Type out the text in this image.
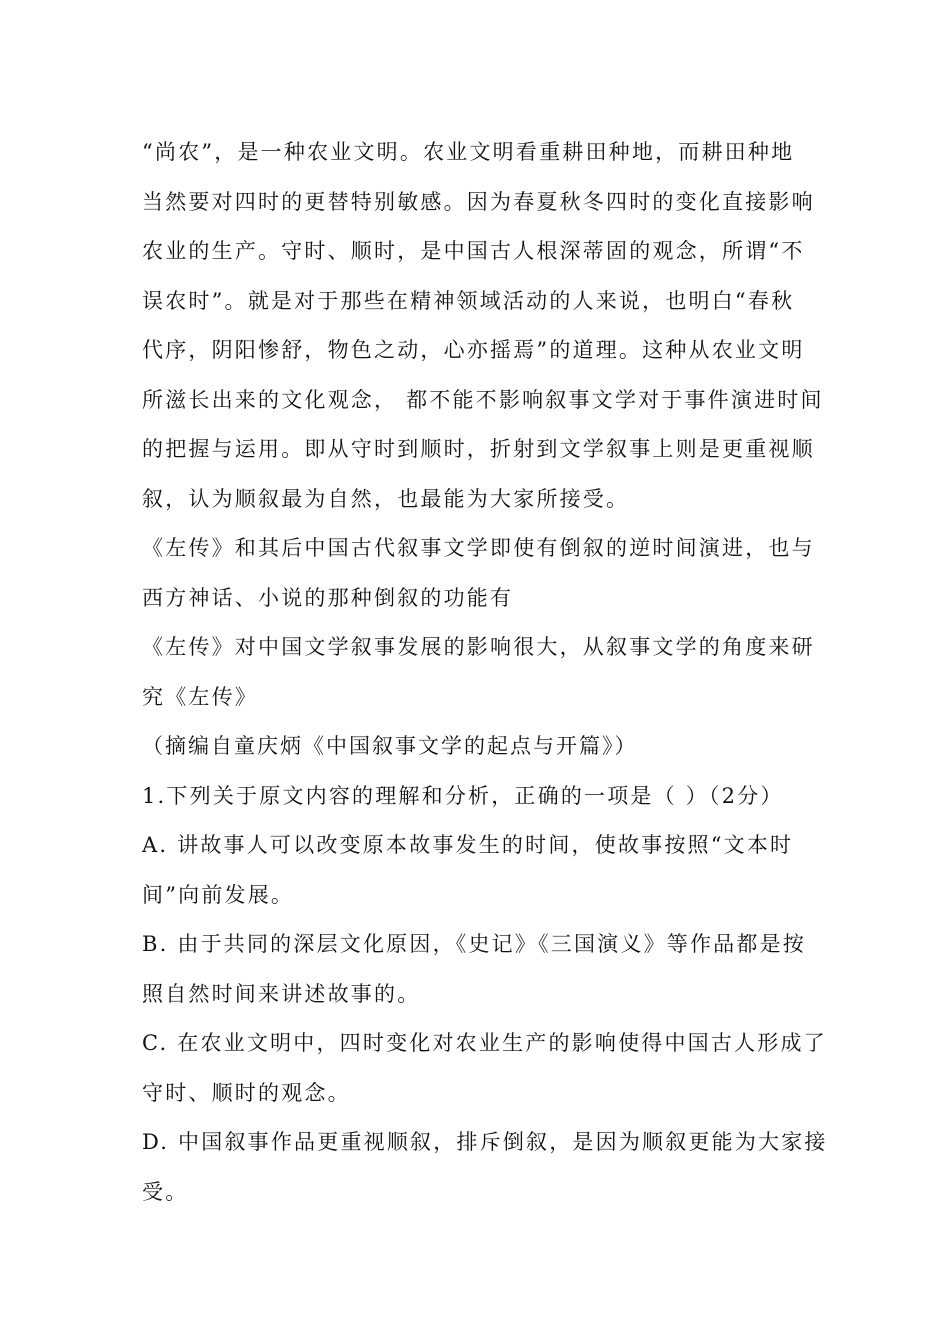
“尚农”，是一种农业文明。农业文明看重耕田种地，而耕田种地
当然要对四时的更替特别敏感。因为春夏秋冬四时的变化直接影响
农业的生产。守时、顺时，是中国古人根深蒂固的观念，所谓“不
误农时”。就是对于那些在精神领域活动的人来说，也明白“春秋
代序，阴阳惨舒，物色之动，心亦摇焉”的道理。这种从农业文明
所滋长出来的文化观念， 都不能不影响叙事文学对于事件演进时间
的把握与运用。即从守时到顺时，折射到文学叙事上则是更重视顺
叙，认为顺叙最为自然，也最能为大家所接受。
《左传》和其后中国古代叙事文学即使有倒叙的逆时间演进，也与
西方神话、小说的那种倒叙的功能有
《左传》对中国文学叙事发展的影响很大，从叙事文学的角度来研
究《左传》
（摘编自童庆炳《中国叙事文学的起点与开篇》）
1.下列关于原文内容的理解和分析，正确的一项是（ ）（2分）
A. 讲故事人可以改变原本故事发生的时间，使故事按照“文本时
间”向前发展。
B. 由于共同的深层文化原因，《史记》《三国演义》等作品都是按
照自然时间来讲述故事的。
C. 在农业文明中，四时变化对农业生产的影响使得中国古人形成了
守时、顺时的观念。
D. 中国叙事作品更重视顺叙，排斥倒叙，是因为顺叙更能为大家接
受。
